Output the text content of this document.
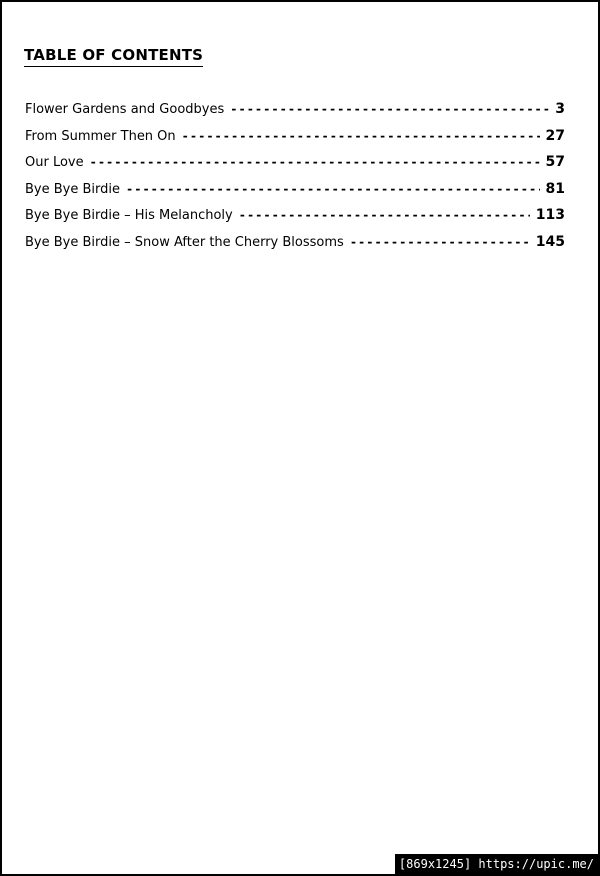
TABLE OF CONTENTS
Flower Gardens and Goodbyes -----	3
From Summer Then On -----	27
Our Love -----	57
Bye Bye Birdie -----	81
Bye Bye Birdie – His Melancholy -----	113
Bye Bye Birdie – Snow After the Cherry Blossoms -----	145
[869x1245] https://upic.me/
